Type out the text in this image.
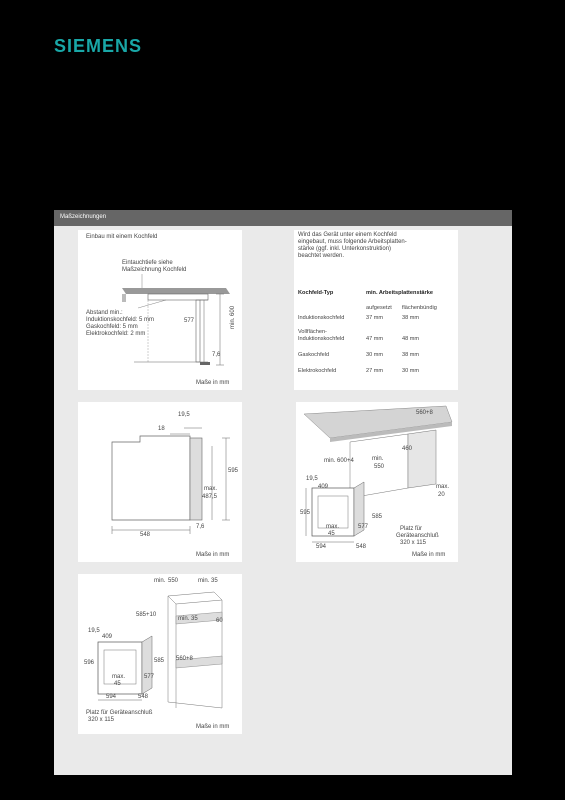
SIEMENS
Maßzeichnungen
Einbau mit einem Kochfeld
Eintauchtiefe siehe
Maßzeichnung Kochfeld
Abstand min.:
Induktionskochfeld: 5 mm
Gaskochfeld: 5 mm
Elektrokochfeld: 2 mm
577	min. 600
7,6
Maße in mm
Wird das Gerät unter einem Kochfeld
eingebaut, muss folgende Arbeitsplatten-
stärke (ggf. inkl. Unterkonstruktion)
beachtet werden.
Kochfeld-Typ	min. Arbeitsplattenstärke
aufgesetzt flächenbündig
Induktionskochfeld	37 mm	38 mm
Vollflächen-
Induktionskochfeld	47 mm	48 mm
Gaskochfeld	30 mm	38 mm
Elektrokochfeld	27 mm	30 mm
19,5
18
595
max.
487,5
548
7,6
Maße in mm
560+8
min.
550
min. 600+4
460
max.
20
19,5
409
595
max.
45
577
585
594	548
Platz für
Geräteanschluß
320 x 115
Maße in mm
min. 550	min. 35
585+10
min. 35	60
560+8
19,5
409
596
max.
45
585
577
594	548
Platz für Geräteanschluß
320 x 115
Maße in mm
